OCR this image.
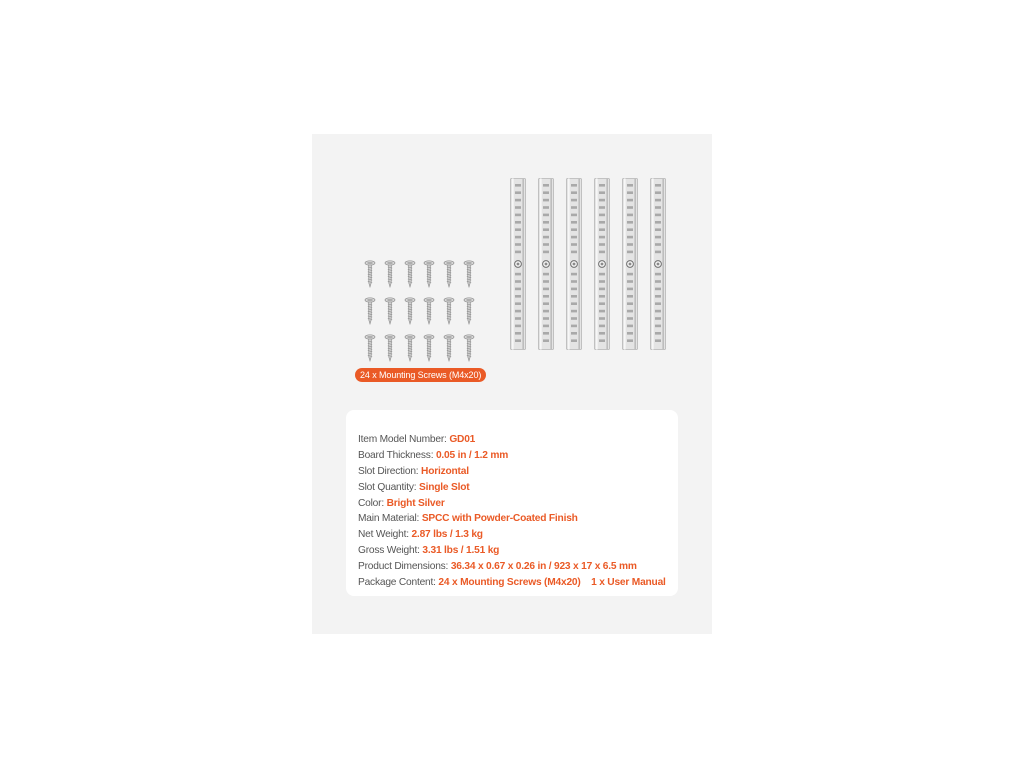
24 x Mounting Screws (M4x20)
Item Model Number: GD01
Board Thickness: 0.05 in / 1.2 mm
Slot Direction: Horizontal
Slot Quantity: Single Slot
Color: Bright Silver
Main Material: SPCC with Powder-Coated Finish
Net Weight: 2.87 lbs / 1.3 kg
Gross Weight: 3.31 lbs / 1.51 kg
Product Dimensions: 36.34 x 0.67 x 0.26 in / 923 x 17 x 6.5 mm
Package Content: 24 x Mounting Screws (M4x20)    1 x User Manual
